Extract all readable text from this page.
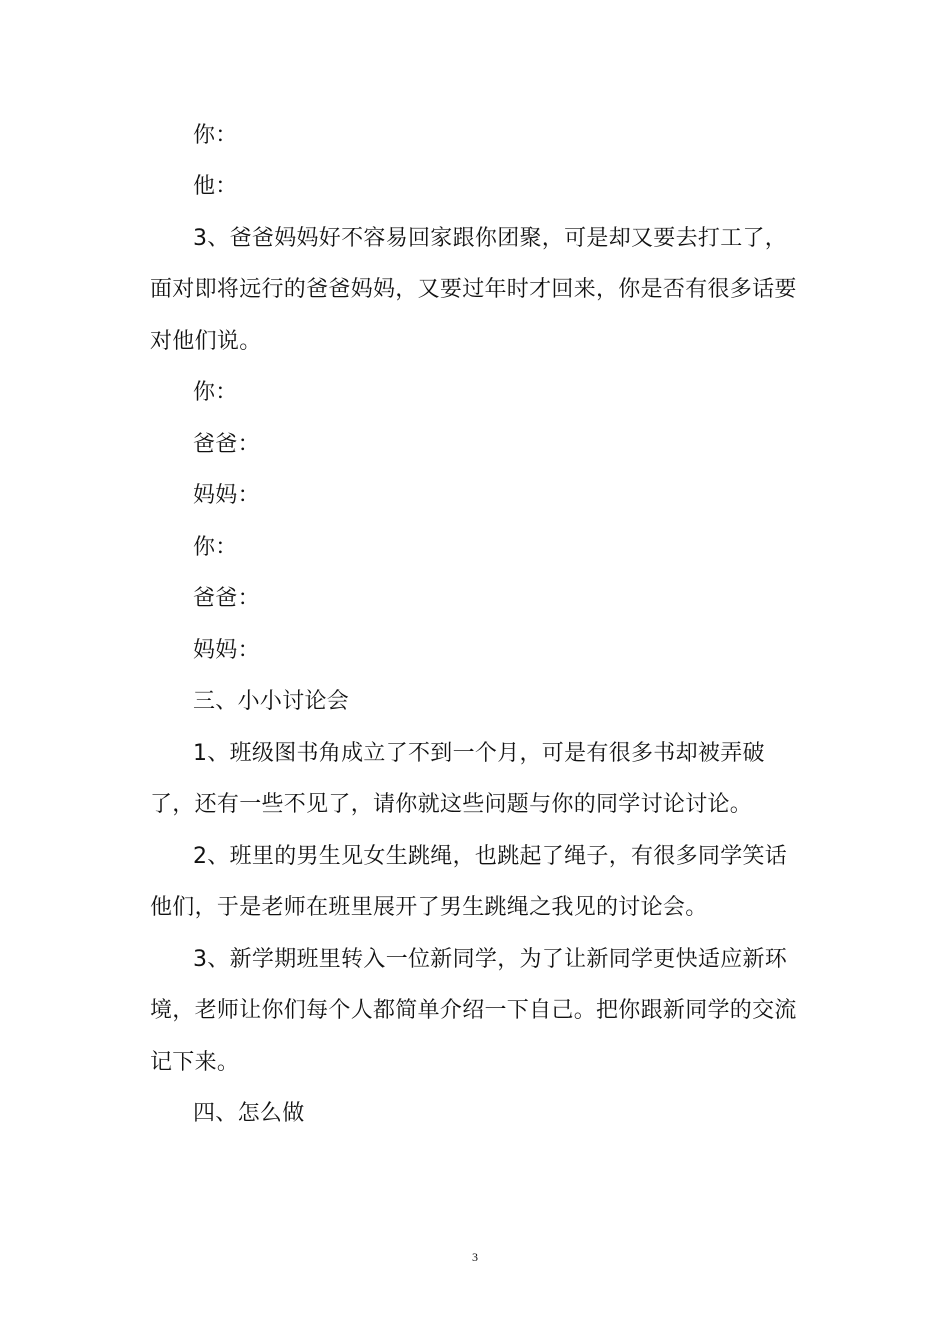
你：
他：
3、爸爸妈妈好不容易回家跟你团聚，可是却又要去打工了，
面对即将远行的爸爸妈妈，又要过年时才回来，你是否有很多话要
对他们说。
你：
爸爸：
妈妈：
你：
爸爸：
妈妈：
三、小小讨论会
1、班级图书角成立了不到一个月，可是有很多书却被弄破
了，还有一些不见了，请你就这些问题与你的同学讨论讨论。
2、班里的男生见女生跳绳，也跳起了绳子，有很多同学笑话
他们，于是老师在班里展开了男生跳绳之我见的讨论会。
3、新学期班里转入一位新同学，为了让新同学更快适应新环
境，老师让你们每个人都简单介绍一下自己。把你跟新同学的交流
记下来。
四、怎么做
3
